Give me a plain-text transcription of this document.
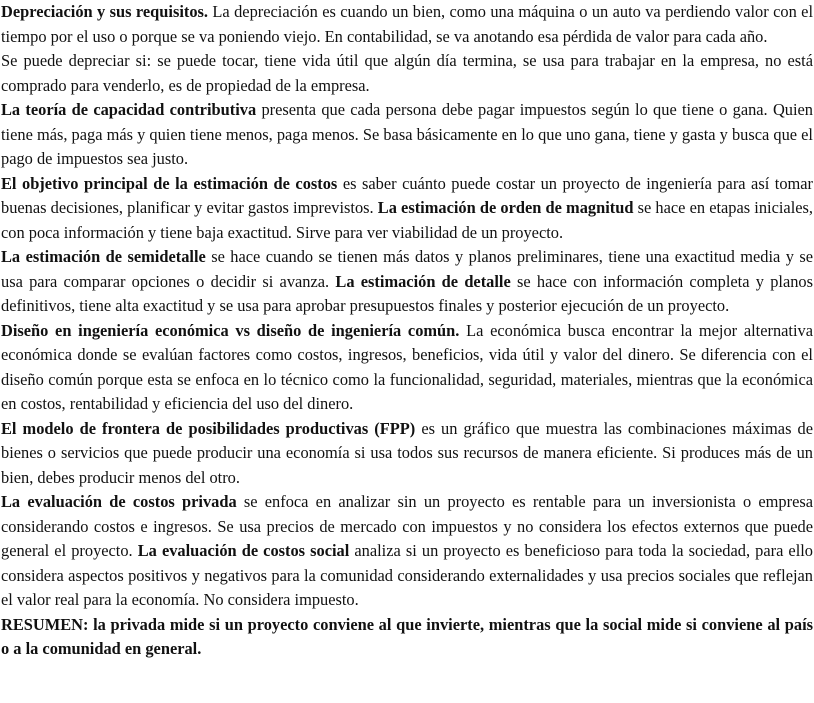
Depreciación y sus requisitos. La depreciación es cuando un bien, como una máquina o un auto va perdiendo valor con el tiempo por el uso o porque se va poniendo viejo. En contabilidad, se va anotando esa pérdida de valor para cada año.

Se puede depreciar si: se puede tocar, tiene vida útil que algún día termina, se usa para trabajar en la empresa, no está comprado para venderlo, es de propiedad de la empresa.

La teoría de capacidad contributiva presenta que cada persona debe pagar impuestos según lo que tiene o gana. Quien tiene más, paga más y quien tiene menos, paga menos. Se basa básicamente en lo que uno gana, tiene y gasta y busca que el pago de impuestos sea justo.

El objetivo principal de la estimación de costos es saber cuánto puede costar un proyecto de ingeniería para así tomar buenas decisiones, planificar y evitar gastos imprevistos. La estimación de orden de magnitud se hace en etapas iniciales, con poca información y tiene baja exactitud. Sirve para ver viabilidad de un proyecto.

La estimación de semidetalle se hace cuando se tienen más datos y planos preliminares, tiene una exactitud media y se usa para comparar opciones o decidir si avanza. La estimación de detalle se hace con información completa y planos definitivos, tiene alta exactitud y se usa para aprobar presupuestos finales y posterior ejecución de un proyecto.

Diseño en ingeniería económica vs diseño de ingeniería común. La económica busca encontrar la mejor alternativa económica donde se evalúan factores como costos, ingresos, beneficios, vida útil y valor del dinero. Se diferencia con el diseño común porque esta se enfoca en lo técnico como la funcionalidad, seguridad, materiales, mientras que la económica en costos, rentabilidad y eficiencia del uso del dinero.

El modelo de frontera de posibilidades productivas (FPP) es un gráfico que muestra las combinaciones máximas de bienes o servicios que puede producir una economía si usa todos sus recursos de manera eficiente. Si produces más de un bien, debes producir menos del otro.

La evaluación de costos privada se enfoca en analizar sin un proyecto es rentable para un inversionista o empresa considerando costos e ingresos. Se usa precios de mercado con impuestos y no considera los efectos externos que puede general el proyecto. La evaluación de costos social analiza si un proyecto es beneficioso para toda la sociedad, para ello considera aspectos positivos y negativos para la comunidad considerando externalidades y usa precios sociales que reflejan el valor real para la economía. No considera impuesto.

RESUMEN: la privada mide si un proyecto conviene al que invierte, mientras que la social mide si conviene al país o a la comunidad en general.
